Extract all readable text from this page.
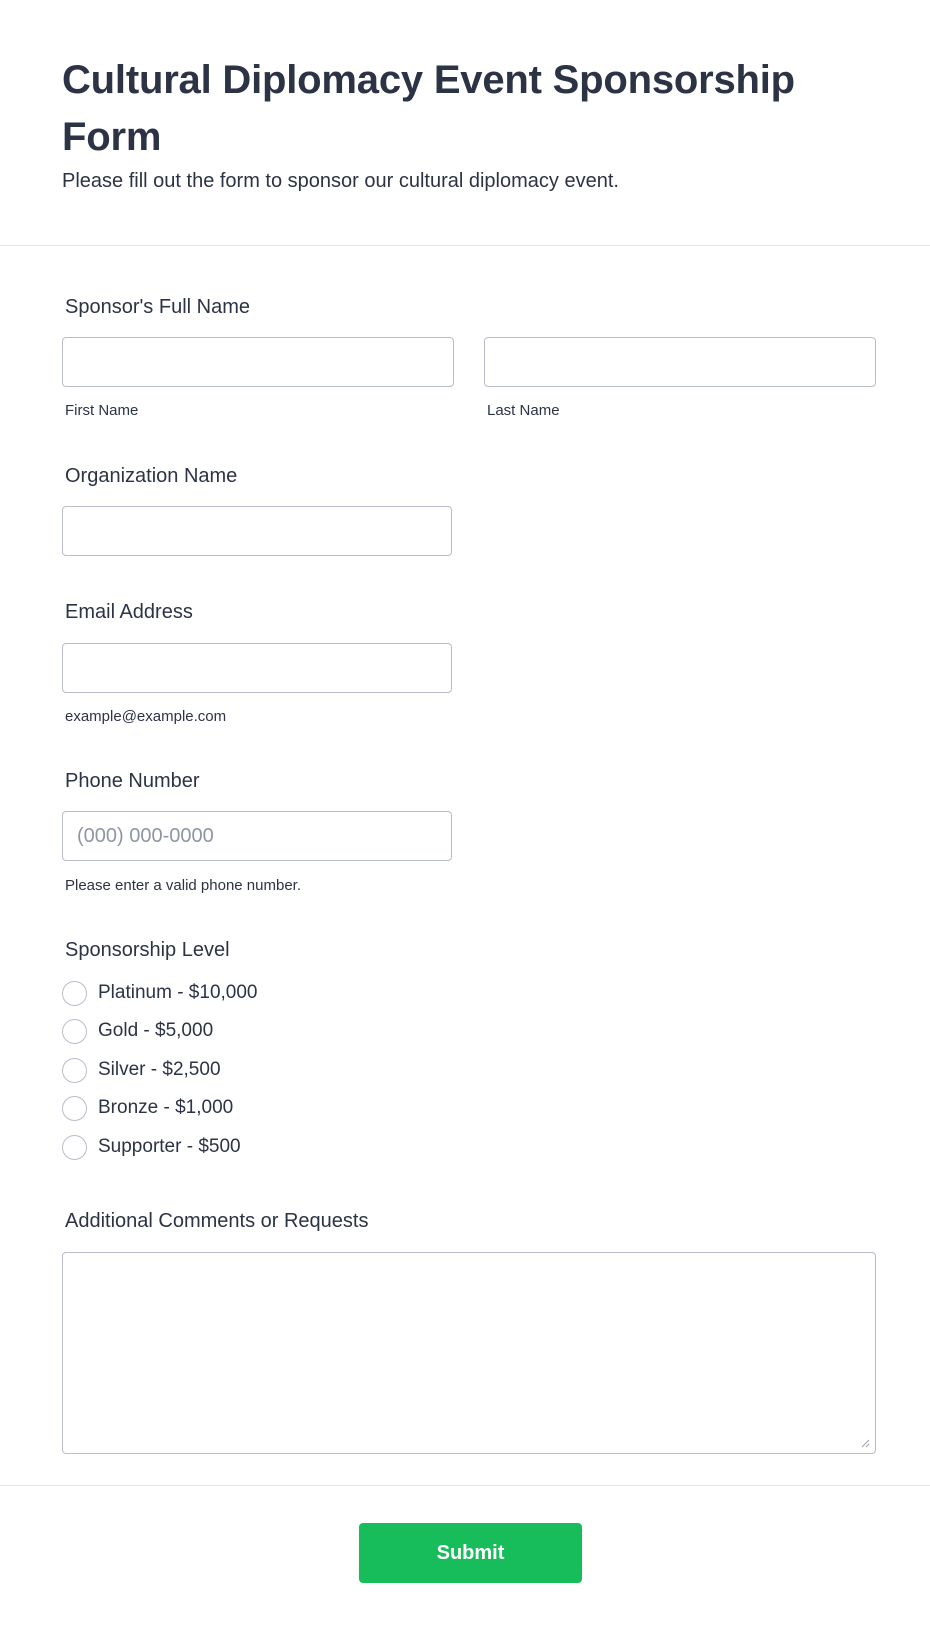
Cultural Diplomacy Event Sponsorship Form

Please fill out the form to sponsor our cultural diplomacy event.

Sponsor's Full Name
First Name	Last Name
Organization Name
Email Address
example@example.com
Phone Number
(000) 000-0000
Please enter a valid phone number.
Sponsorship Level
Platinum - $10,000
Gold - $5,000
Silver - $2,500
Bronze - $1,000
Supporter - $500
Additional Comments or Requests
Submit
